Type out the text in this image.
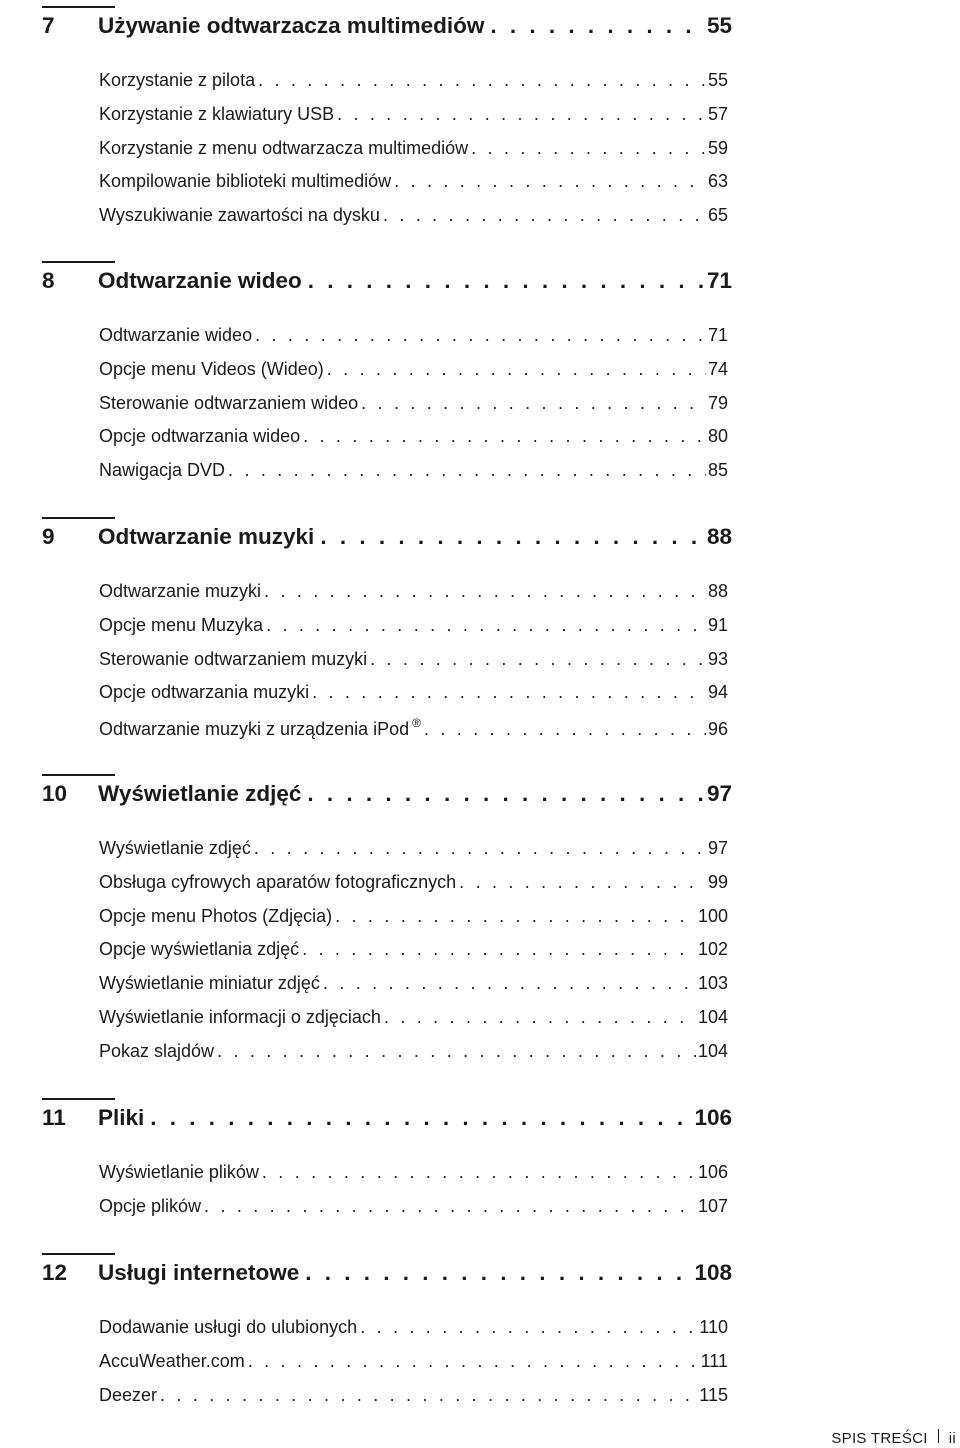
7	Używanie odtwarzacza multimediów . . .	55
Korzystanie z pilota . . .	55
Korzystanie z klawiatury USB . . .	57
Korzystanie z menu odtwarzacza multimediów . . .	59
Kompilowanie biblioteki multimediów . . .	63
Wyszukiwanie zawartości na dysku . . .	65
8	Odtwarzanie wideo . . .	71
Odtwarzanie wideo . . .	71
Opcje menu Videos (Wideo) . . .	74
Sterowanie odtwarzaniem wideo . . .	79
Opcje odtwarzania wideo . . .	80
Nawigacja DVD . . .	85
9	Odtwarzanie muzyki . . .	88
Odtwarzanie muzyki . . .	88
Opcje menu Muzyka . . .	91
Sterowanie odtwarzaniem muzyki . . .	93
Opcje odtwarzania muzyki . . .	94
Odtwarzanie muzyki z urządzenia iPod ® . . .	96
10	Wyświetlanie zdjęć . . .	97
Wyświetlanie zdjęć . . .	97
Obsługa cyfrowych aparatów fotograficznych . . .	99
Opcje menu Photos (Zdjęcia) . . .	100
Opcje wyświetlania zdjęć . . .	102
Wyświetlanie miniatur zdjęć . . .	103
Wyświetlanie informacji o zdjęciach . . .	104
Pokaz slajdów . . .	104
11	Pliki . . .	106
Wyświetlanie plików . . .	106
Opcje plików . . .	107
12	Usługi internetowe . . .	108
Dodawanie usługi do ulubionych . . .	110
AccuWeather.com . . .	111
Deezer . . .	115
SPIS TREŚCI ii
